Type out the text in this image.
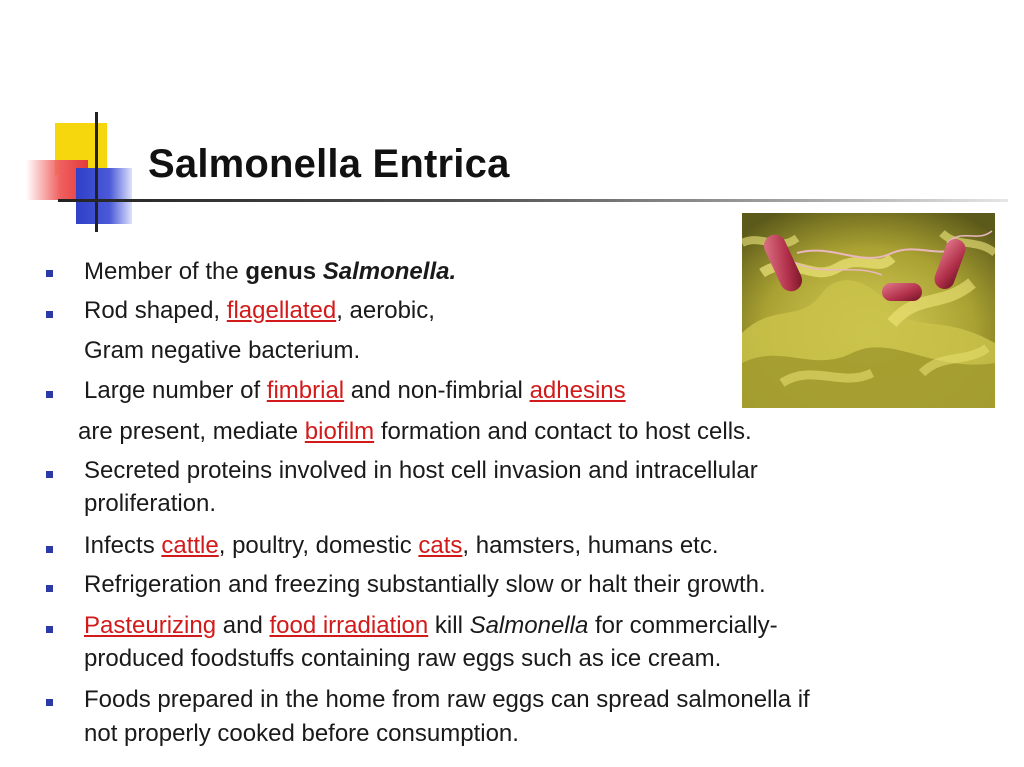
Salmonella Entrica
Member of the genus Salmonella.
Rod shaped, flagellated, aerobic,
Gram negative bacterium.
Large number of fimbrial and non-fimbrial adhesins
are present, mediate biofilm formation and contact to host cells.
Secreted proteins involved in host cell invasion and intracellular
proliferation.
Infects cattle, poultry, domestic cats, hamsters, humans etc.
Refrigeration and freezing substantially slow or halt their growth.
Pasteurizing and food irradiation kill Salmonella for commercially-
produced foodstuffs containing raw eggs such as ice cream.
Foods prepared in the home from raw eggs can spread salmonella if
not properly cooked before consumption.
